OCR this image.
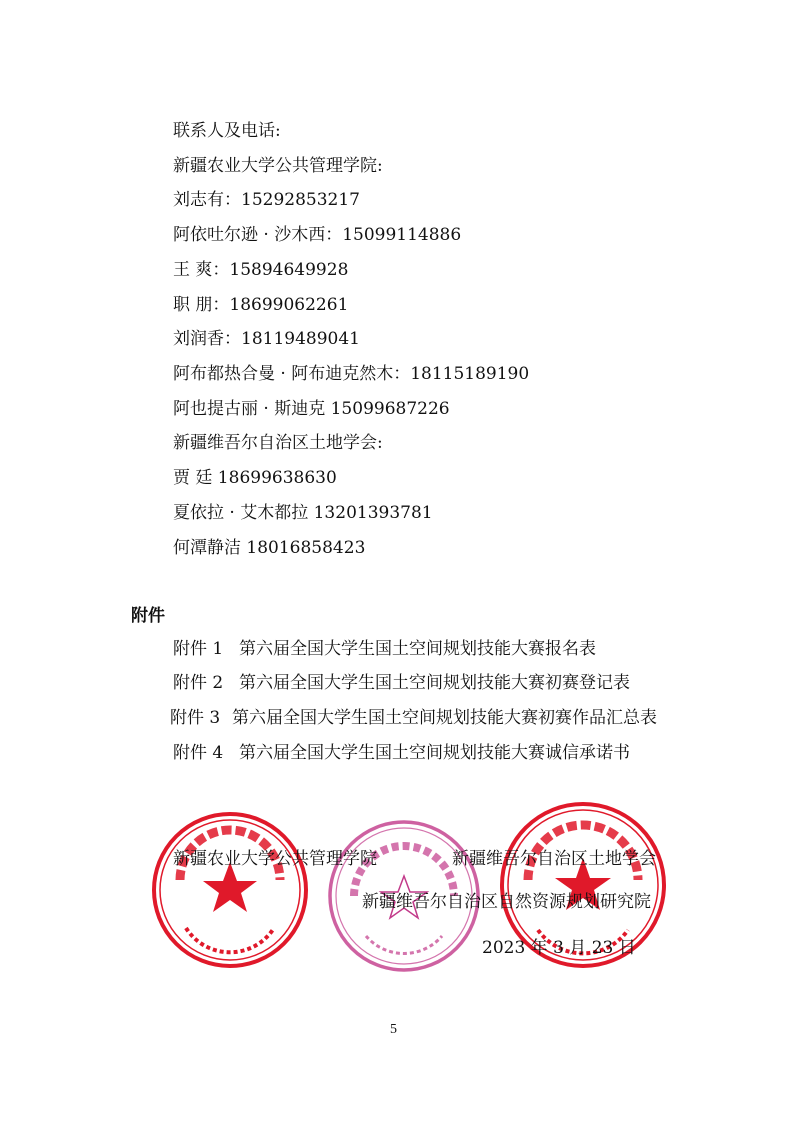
联系人及电话:
新疆农业大学公共管理学院:
刘志有：15292853217
阿依吐尔逊 · 沙木西：15099114886
王 爽：15894649928
职 朋：18699062261
刘润香：18119489041
阿布都热合曼 · 阿布迪克然木：18115189190
阿也提古丽 · 斯迪克 15099687226
新疆维吾尔自治区土地学会:
贾 廷 18699638630
夏依拉 · 艾木都拉 13201393781
何潭静洁 18016858423
附件
附件 1 第六届全国大学生国土空间规划技能大赛报名表
附件 2 第六届全国大学生国土空间规划技能大赛初赛登记表
附件 3 第六届全国大学生国土空间规划技能大赛初赛作品汇总表
附件 4 第六届全国大学生国土空间规划技能大赛诚信承诺书
新疆农业大学公共管理学院	新疆维吾尔自治区土地学会
新疆维吾尔自治区自然资源规划研究院
2023 年 3 月 23 日
5
